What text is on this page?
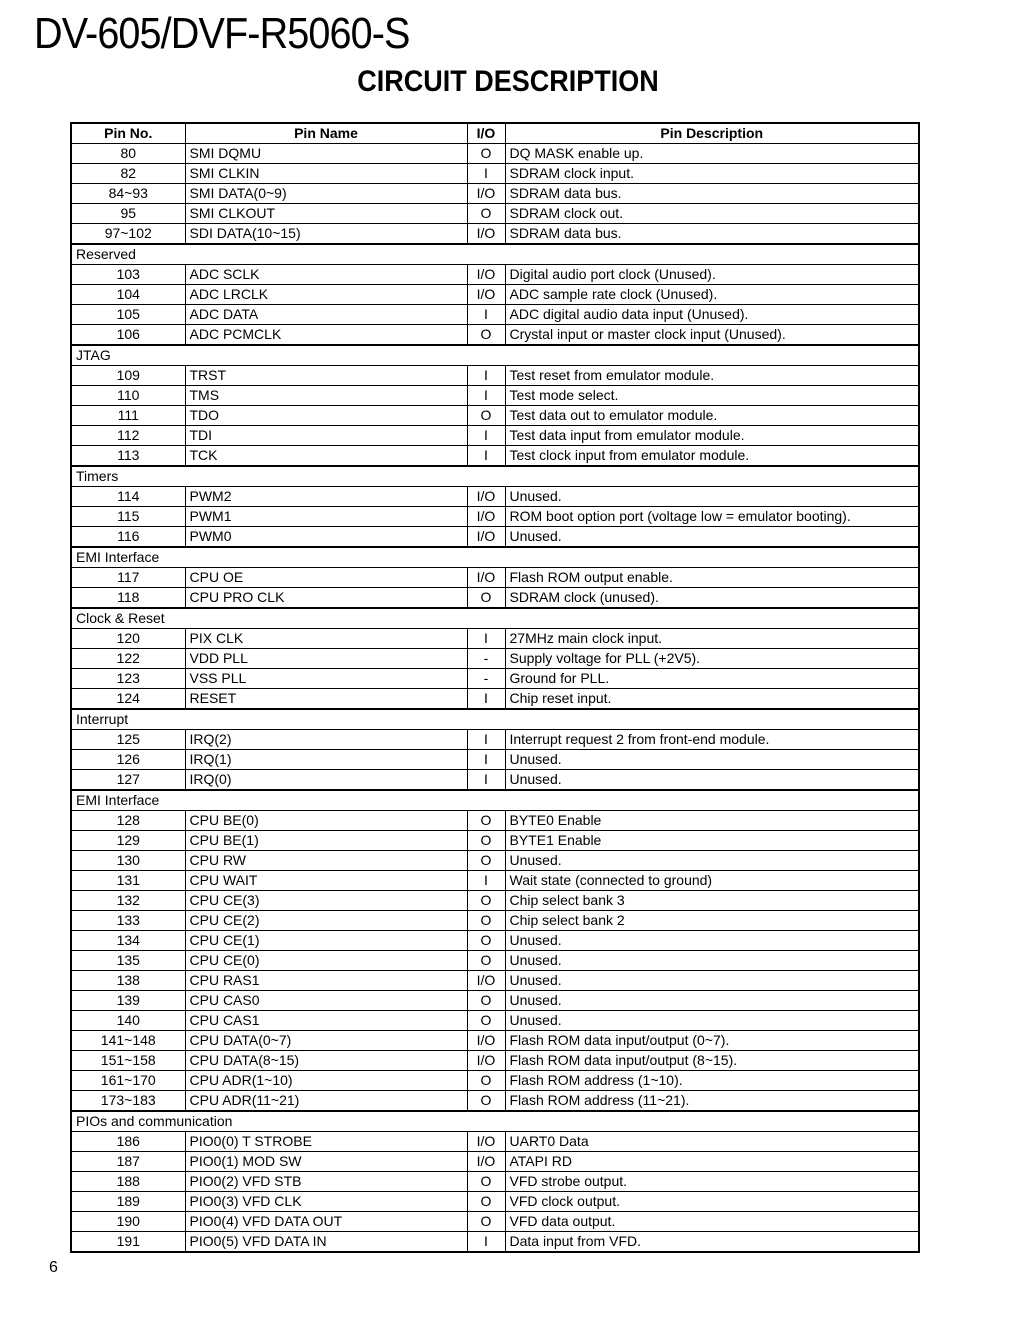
DV-605/DVF-R5060-S
CIRCUIT DESCRIPTION
Pin No.	Pin Name	I/O	Pin Description
80	SMI DQMU	O	DQ MASK enable up.
82	SMI CLKIN	I	SDRAM clock input.
84~93	SMI DATA(0~9)	I/O	SDRAM data bus.
95	SMI CLKOUT	O	SDRAM clock out.
97~102	SDI DATA(10~15)	I/O	SDRAM data bus.
Reserved			
103	ADC SCLK	I/O	Digital audio port clock (Unused).
104	ADC LRCLK	I/O	ADC sample rate clock (Unused).
105	ADC DATA	I	ADC digital audio data input (Unused).
106	ADC PCMCLK	O	Crystal input or master clock input (Unused).
JTAG			
109	TRST	I	Test reset from emulator module.
110	TMS	I	Test mode select.
111	TDO	O	Test data out to emulator module.
112	TDI	I	Test data input from emulator module.
113	TCK	I	Test clock input from emulator module.
Timers			
114	PWM2	I/O	Unused.
115	PWM1	I/O	ROM boot option port (voltage low = emulator booting).
116	PWM0	I/O	Unused.
EMI Interface			
117	CPU OE	I/O	Flash ROM output enable.
118	CPU PRO CLK	O	SDRAM clock (unused).
Clock & Reset			
120	PIX CLK	I	27MHz main clock input.
122	VDD PLL	-	Supply voltage for PLL (+2V5).
123	VSS PLL	-	Ground for PLL.
124	RESET	I	Chip reset input.
Interrupt			
125	IRQ(2)	I	Interrupt request 2 from front-end module.
126	IRQ(1)	I	Unused.
127	IRQ(0)	I	Unused.
EMI Interface			
128	CPU BE(0)	O	BYTE0 Enable
129	CPU BE(1)	O	BYTE1 Enable
130	CPU RW	O	Unused.
131	CPU WAIT	I	Wait state (connected to ground)
132	CPU CE(3)	O	Chip select bank 3
133	CPU CE(2)	O	Chip select bank 2
134	CPU CE(1)	O	Unused.
135	CPU CE(0)	O	Unused.
138	CPU RAS1	I/O	Unused.
139	CPU CAS0	O	Unused.
140	CPU CAS1	O	Unused.
141~148	CPU DATA(0~7)	I/O	Flash ROM data input/output (0~7).
151~158	CPU DATA(8~15)	I/O	Flash ROM data input/output (8~15).
161~170	CPU ADR(1~10)	O	Flash ROM address (1~10).
173~183	CPU ADR(11~21)	O	Flash ROM address (11~21).
PIOs and communication			
186	PIO0(0) T STROBE	I/O	UART0 Data
187	PIO0(1) MOD SW	I/O	ATAPI RD
188	PIO0(2) VFD STB	O	VFD strobe output.
189	PIO0(3) VFD CLK	O	VFD clock output.
190	PIO0(4) VFD DATA OUT	O	VFD data output.
191	PIO0(5) VFD DATA IN	I	Data input from VFD.
6
